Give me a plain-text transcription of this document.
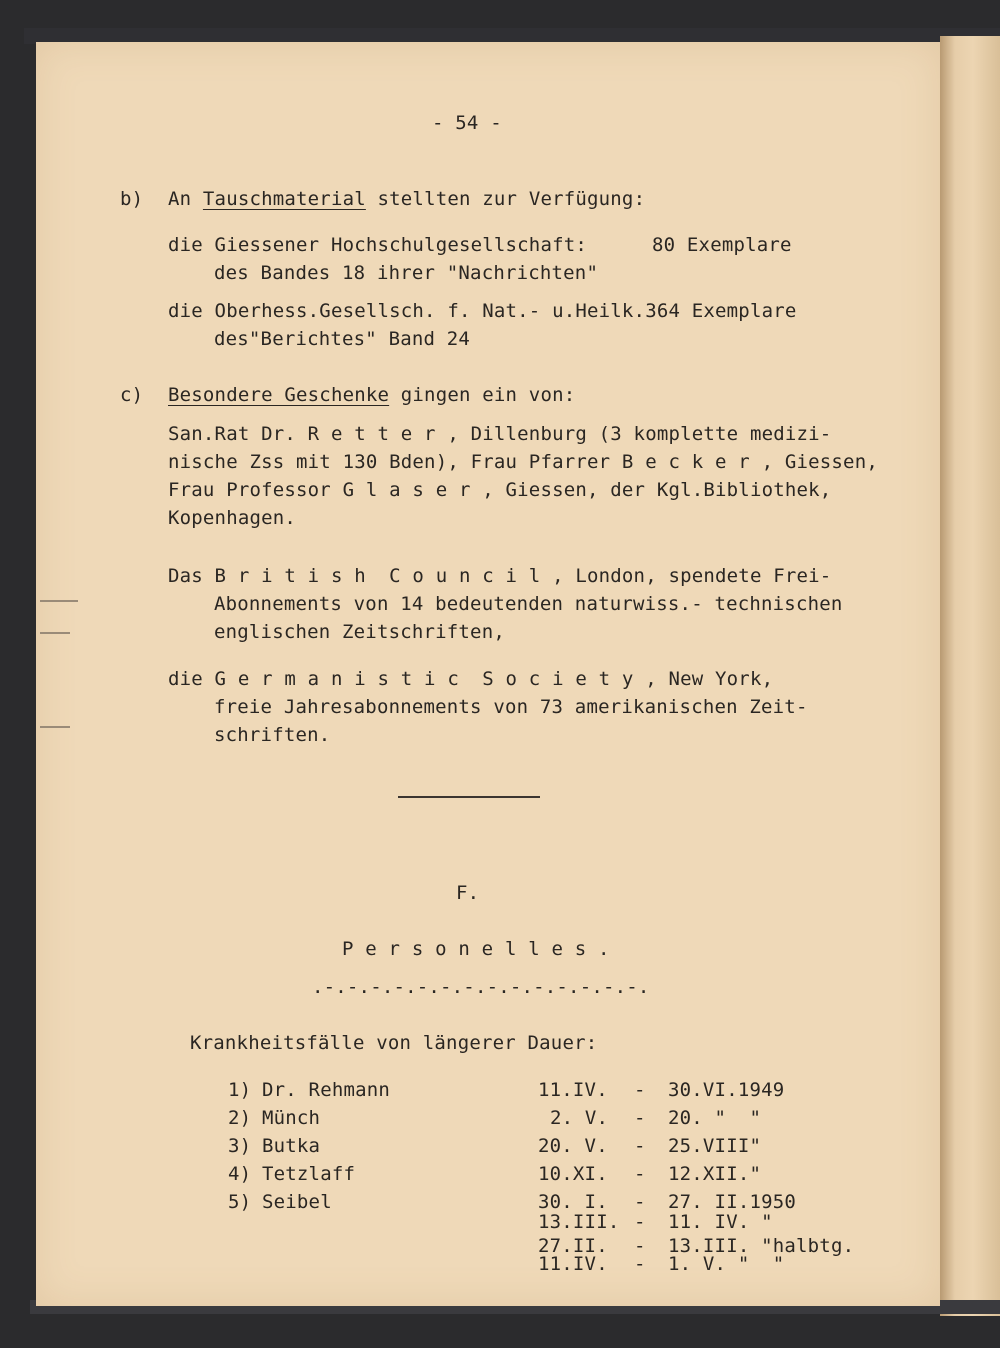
- 54 -
b) An Tauschmaterial stellten zur Verfügung:
die Giessener Hochschulgesellschaft:	80 Exemplare
des Bandes 18 ihrer "Nachrichten"
die Oberhess.Gesellsch. f. Nat.- u.Heilk.364 Exemplare
des"Berichtes" Band 24
c) Besondere Geschenke gingen ein von:
San.Rat Dr. R e t t e r , Dillenburg (3 komplette medizi-
nische Zss mit 130 Bden), Frau Pfarrer B e c k e r , Giessen,
Frau Professor G l a s e r , Giessen, der Kgl.Bibliothek,
Kopenhagen.
Das B r i t i s h  C o u n c i l , London, spendete Frei-
Abonnements von 14 bedeutenden naturwiss.- technischen
englischen Zeitschriften,
die G e r m a n i s t i c  S o c i e t y , New York,
freie Jahresabonnements von 73 amerikanischen Zeit-
schriften.
F.
P e r s o n e l l e s .
.-.-.-.-.-.-.-.-.-.-.-.-.-.-.
Krankheitsfälle von längerer Dauer:
1) Dr. Rehmann	11.IV. - 30.VI.1949
2) Münch	2. V. - 20. "  "
3) Butka	20. V. - 25.VIII"
4) Tetzlaff	10.XI. - 12.XII."
5) Seibel	30. I. - 27. II.1950
13.III. - 11. IV. "
27.II. - 13.III. "halbtg.
11.IV. - 1. V. "  "
